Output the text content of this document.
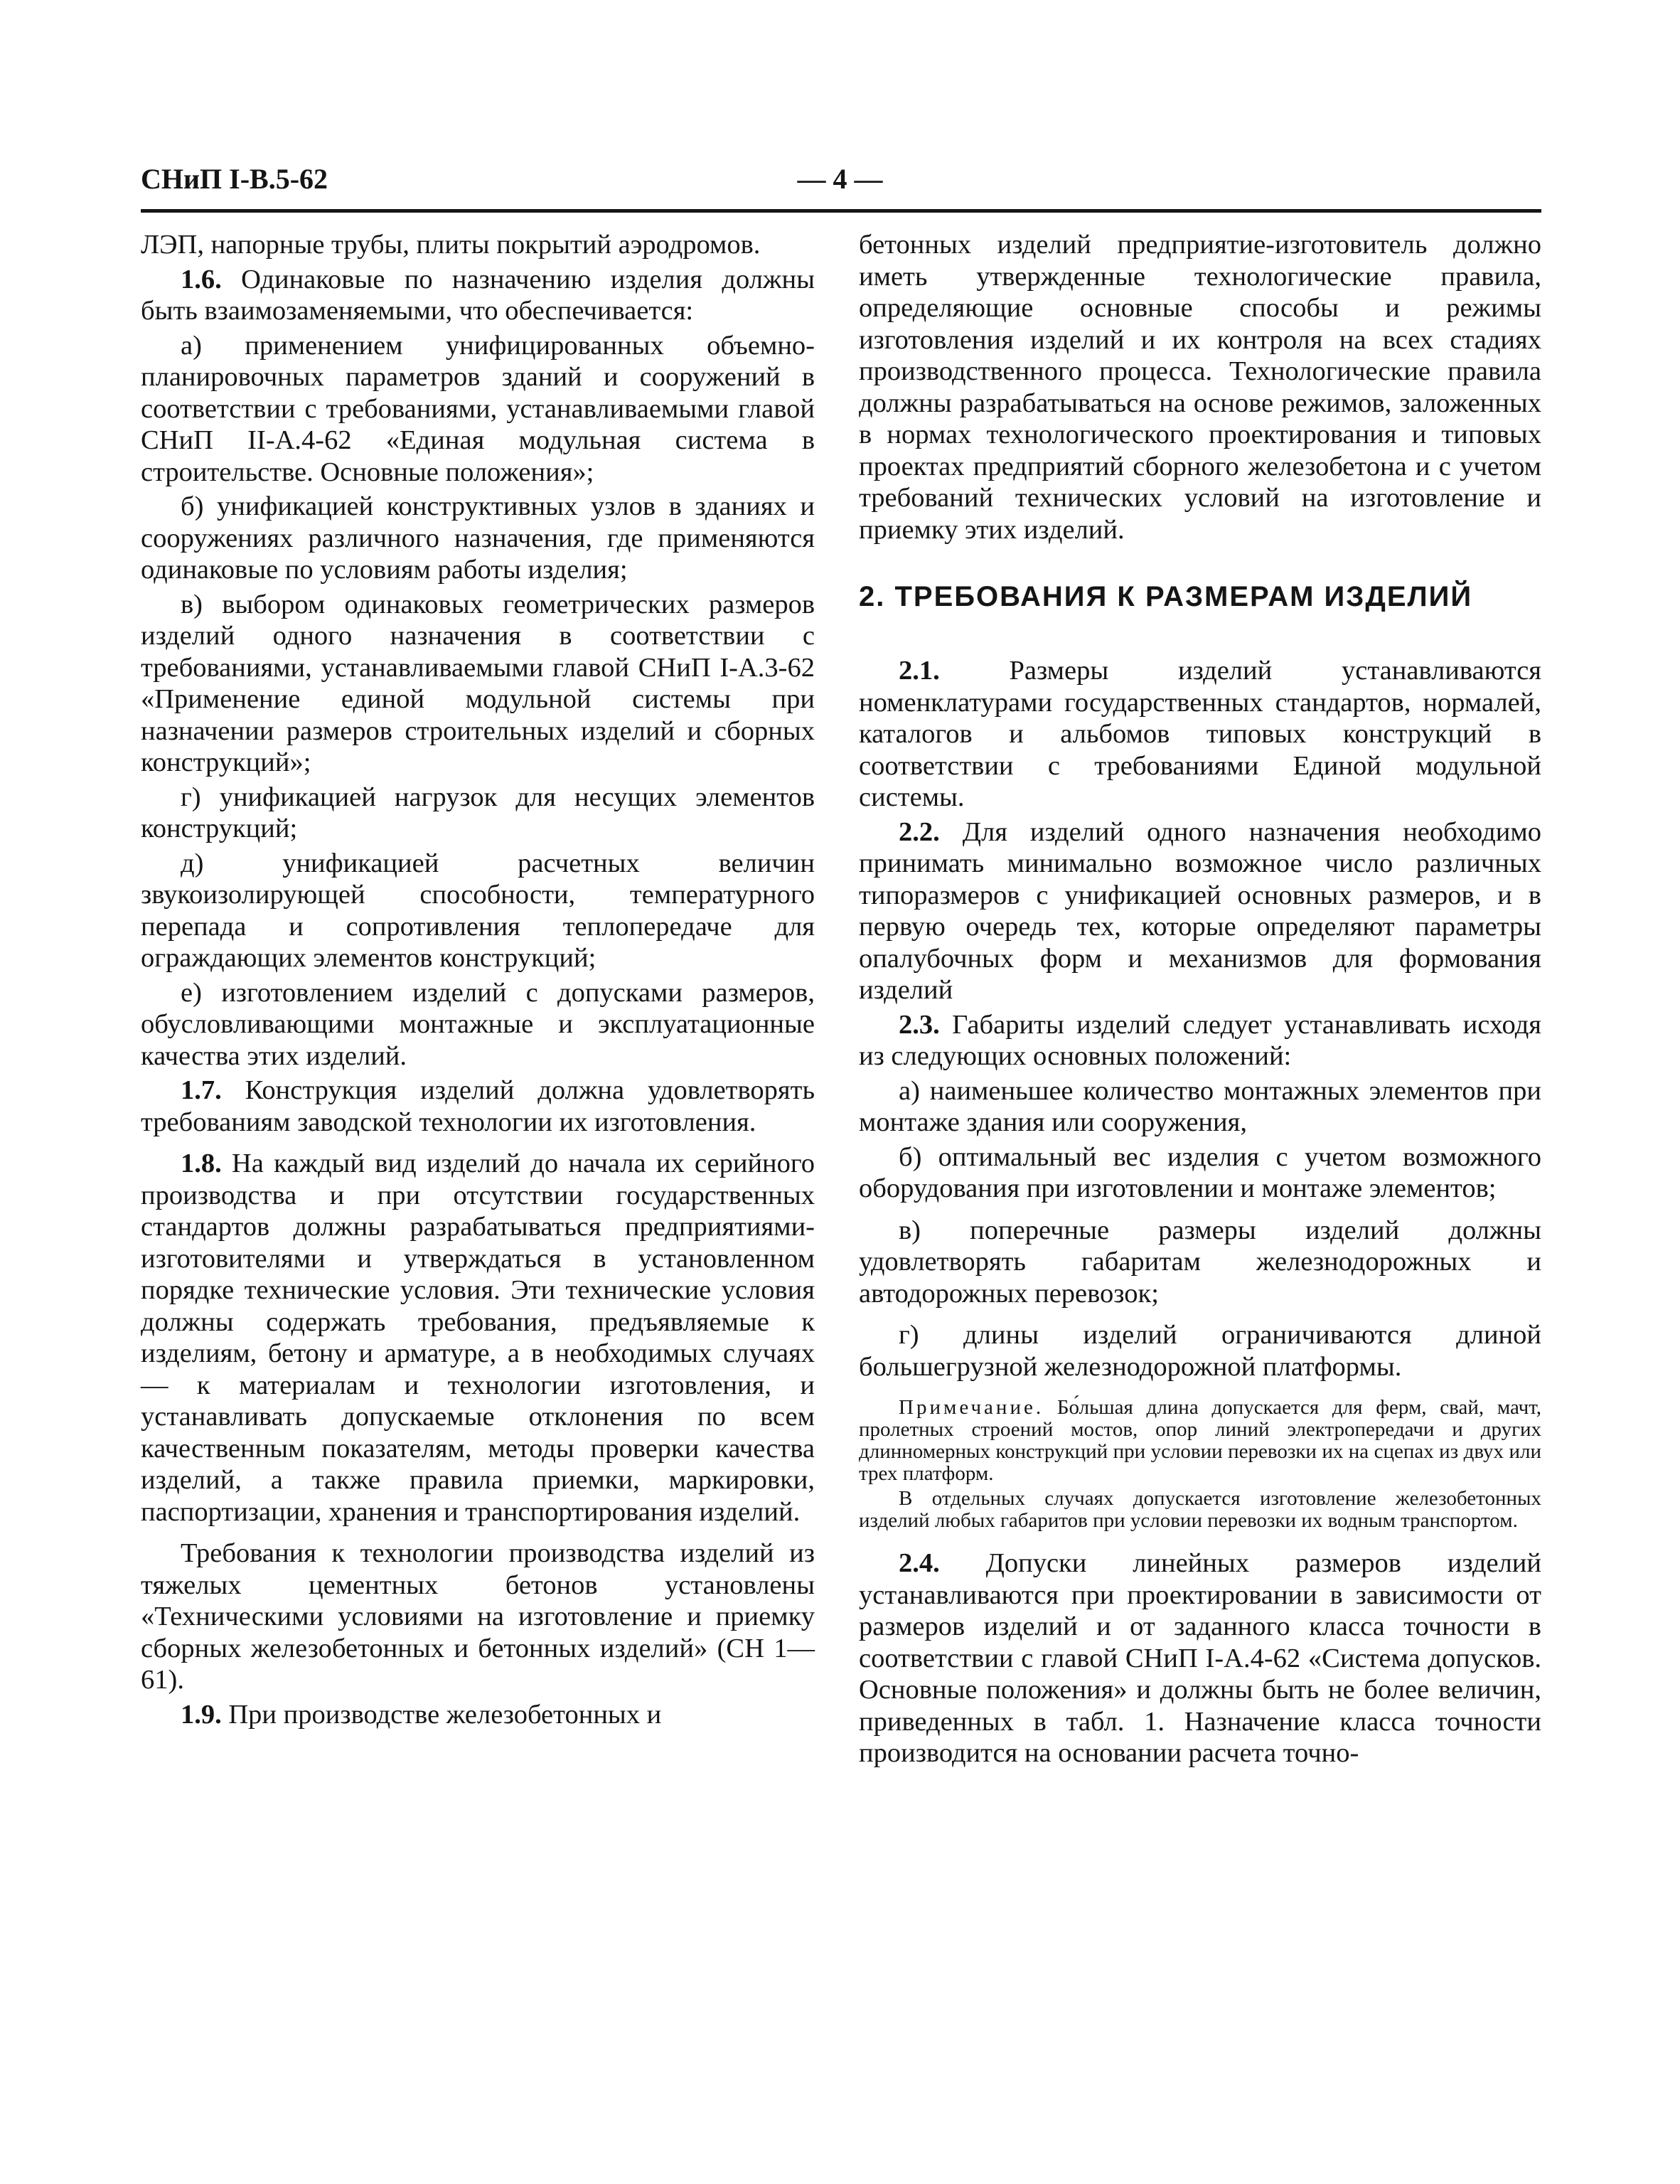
СНиП I-В.5-62	— 4 —

ЛЭП, напорные трубы, плиты покрытий аэродромов.

1.6. Одинаковые по назначению изделия должны быть взаимозаменяемыми, что обеспечивается:

а) применением унифицированных объемно-планировочных параметров зданий и сооружений в соответствии с требованиями, устанавливаемыми главой СНиП II-А.4-62 «Единая модульная система в строительстве. Основные положения»;

б) унификацией конструктивных узлов в зданиях и сооружениях различного назначения, где применяются одинаковые по условиям работы изделия;

в) выбором одинаковых геометрических размеров изделий одного назначения в соответствии с требованиями, устанавливаемыми главой СНиП I-А.3-62 «Применение единой модульной системы при назначении размеров строительных изделий и сборных конструкций»;

г) унификацией нагрузок для несущих элементов конструкций;

д) унификацией расчетных величин звукоизолирующей способности, температурного перепада и сопротивления теплопередаче для ограждающих элементов конструкций;

е) изготовлением изделий с допусками размеров, обусловливающими монтажные и эксплуатационные качества этих изделий.

1.7. Конструкция изделий должна удовлетворять требованиям заводской технологии их изготовления.

1.8. На каждый вид изделий до начала их серийного производства и при отсутствии государственных стандартов должны разрабатываться предприятиями-изготовителями и утверждаться в установленном порядке технические условия. Эти технические условия должны содержать требования, предъявляемые к изделиям, бетону и арматуре, а в необходимых случаях — к материалам и технологии изготовления, и устанавливать допускаемые отклонения по всем качественным показателям, методы проверки качества изделий, а также правила приемки, маркировки, паспортизации, хранения и транспортирования изделий.

Требования к технологии производства изделий из тяжелых цементных бетонов установлены «Техническими условиями на изготовление и приемку сборных железобетонных и бетонных изделий» (СН 1—61).

1.9. При производстве железобетонных и

бетонных изделий предприятие-изготовитель должно иметь утвержденные технологические правила, определяющие основные способы и режимы изготовления изделий и их контроля на всех стадиях производственного процесса. Технологические правила должны разрабатываться на основе режимов, заложенных в нормах технологического проектирования и типовых проектах предприятий сборного железобетона и с учетом требований технических условий на изготовление и приемку этих изделий.

2. ТРЕБОВАНИЯ К РАЗМЕРАМ ИЗДЕЛИЙ

2.1.	Размеры изделий устанавливаются номенклатурами государственных стандартов, нормалей, каталогов и альбомов типовых конструкций в соответствии с требованиями Единой модульной системы.

2.2. Для изделий одного назначения необходимо принимать минимально возможное число различных типоразмеров с унификацией основных размеров, и в первую очередь тех, которые определяют параметры опалубочных форм и механизмов для формования изделий

2.3. Габариты изделий следует устанавливать исходя из следующих основных положений:

а) наименьшее количество монтажных элементов при монтаже здания или сооружения,

б) оптимальный вес изделия с учетом возможного оборудования при изготовлении и монтаже элементов;

в) поперечные размеры изделий должны удовлетворять габаритам железнодорожных и автодорожных перевозок;

г) длины изделий ограничиваются длиной большегрузной железнодорожной платформы.

Примечание. Бо́льшая длина допускается для ферм, свай, мачт, пролетных строений мостов, опор линий электропередачи и других длинномерных конструкций при условии перевозки их на сцепах из двух или трех платформ.

В отдельных случаях допускается изготовление железобетонных изделий любых габаритов при условии перевозки их водным транспортом.

2.4. Допуски линейных размеров изделий устанавливаются при проектировании в зависимости от размеров изделий и от заданного класса точности в соответствии с главой СНиП I-А.4-62 «Система допусков. Основные положения» и должны быть не более величин, приведенных в табл. 1. Назначение класса точности производится на основании расчета точно-
